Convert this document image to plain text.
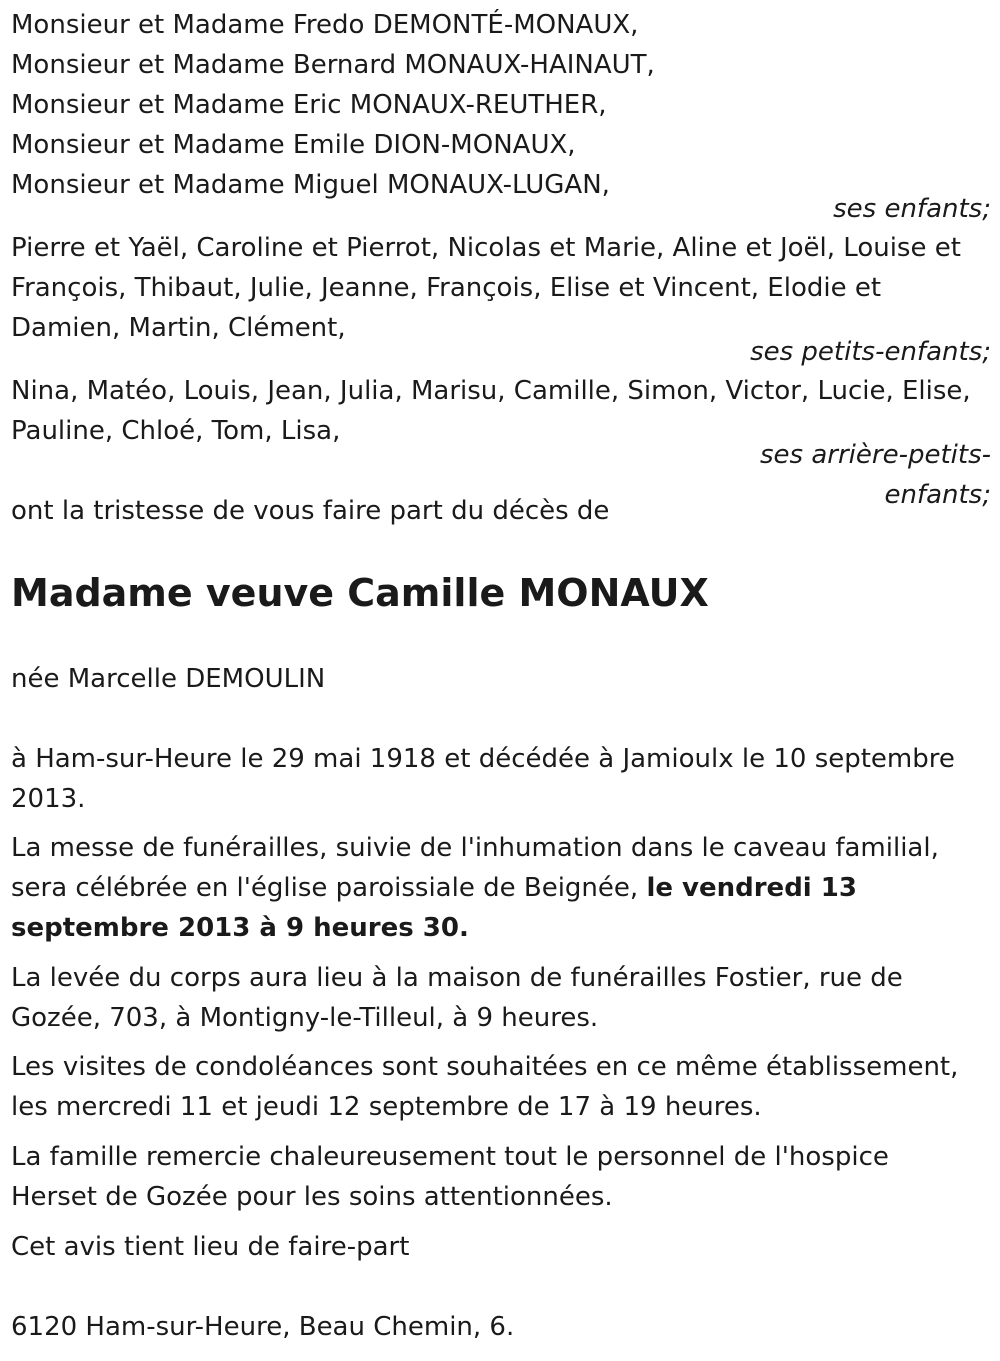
Monsieur et Madame Fredo DEMONTÉ-MONAUX,
Monsieur et Madame Bernard MONAUX-HAINAUT,
Monsieur et Madame Eric MONAUX-REUTHER,
Monsieur et Madame Emile DION-MONAUX,
Monsieur et Madame Miguel MONAUX-LUGAN,
ses enfants;
Pierre et Yaël, Caroline et Pierrot, Nicolas et Marie, Aline et Joël, Louise et
François, Thibaut, Julie, Jeanne, François, Elise et Vincent, Elodie et
Damien, Martin, Clément,
ses petits-enfants;
Nina, Matéo, Louis, Jean, Julia, Marisu, Camille, Simon, Victor, Lucie, Elise,
Pauline, Chloé, Tom, Lisa,
ses arrière-petits-
enfants;
ont la tristesse de vous faire part du décès de
Madame veuve Camille MONAUX
née Marcelle DEMOULIN
à Ham-sur-Heure le 29 mai 1918 et décédée à Jamioulx le 10 septembre
2013.
La messe de funérailles, suivie de l'inhumation dans le caveau familial,
sera célébrée en l'église paroissiale de Beignée, le vendredi 13
septembre 2013 à 9 heures 30.
La levée du corps aura lieu à la maison de funérailles Fostier, rue de
Gozée, 703, à Montigny-le-Tilleul, à 9 heures.
Les visites de condoléances sont souhaitées en ce même établissement,
les mercredi 11 et jeudi 12 septembre de 17 à 19 heures.
La famille remercie chaleureusement tout le personnel de l'hospice
Herset de Gozée pour les soins attentionnées.
Cet avis tient lieu de faire-part
6120 Ham-sur-Heure, Beau Chemin, 6.
